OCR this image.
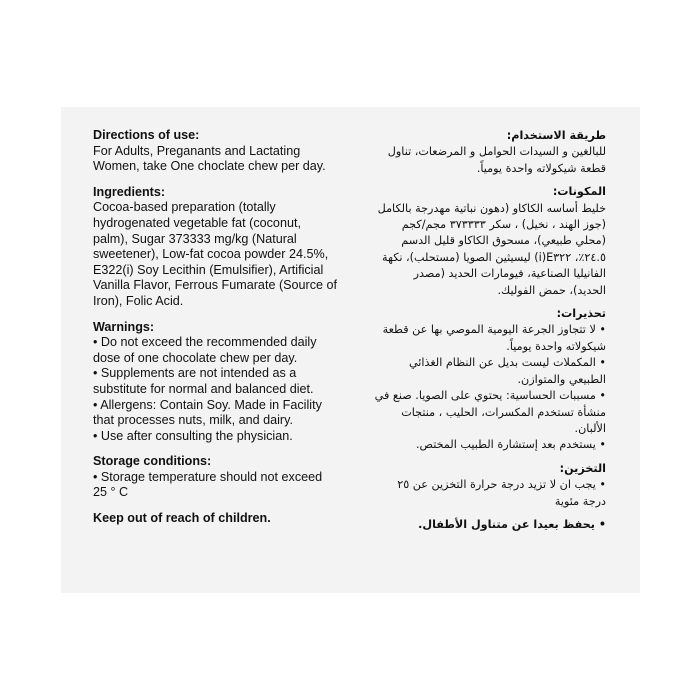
Directions of use:
For Adults, Preganants and Lactating Women, take One choclate chew per day.
Ingredients:
Cocoa-based preparation (totally hydrogenated vegetable fat (coconut, palm), Sugar 373333 mg/kg (Natural sweetener), Low-fat cocoa powder 24.5%, E322(i) Soy Lecithin (Emulsifier), Artificial Vanilla Flavor, Ferrous Fumarate (Source of Iron), Folic Acid.
Warnings:
• Do not exceed the recommended daily dose of one chocolate chew per day.
• Supplements are not intended as a substitute for normal and balanced diet.
• Allergens: Contain Soy. Made in Facility that processes nuts, milk, and dairy.
• Use after consulting the physician.
Storage conditions:
• Storage temperature should not exceed 25 ° C
Keep out of reach of children.
طريقة الاستخدام:
للبالغين و السيدات الحوامل و المرضعات، تناول قطعة شيكولاته واحدة يومياً.
المكونات:
خليط أساسه الكاكاو (دهون نباتية مهدرجة بالكامل (جوز الهند ، نخيل) ، سكر ٣٧٣٣٣٣ مجم/كجم (محلي طبيعي)، مسحوق الكاكاو قليل الدسم ٢٤.٥٪، E٣٢٢(i) ليسيثين الصويا (مستحلب)، نكهة الفانيليا الصناعية، فيومارات الحديد (مصدر الحديد)، حمض الفوليك.
تحذيرات:
• لا تتجاوز الجرعة اليومية الموصي بها عن قطعة شيكولاته واحدة يومياً.
• المكملات ليست بديل عن النظام الغذائي الطبيعي والمتوازن.
• مسببات الحساسية: يحتوي على الصويا. صنع في منشأة تستخدم المكسرات، الحليب ، منتجات الألبان.
• يستخدم بعد إستشارة الطبيب المختص.
التخزين:
• يجب ان لا تزيد درجة حرارة التخزين عن ٢٥ درجة مئوية
• يحفظ بعيدا عن متناول الأطفال.
